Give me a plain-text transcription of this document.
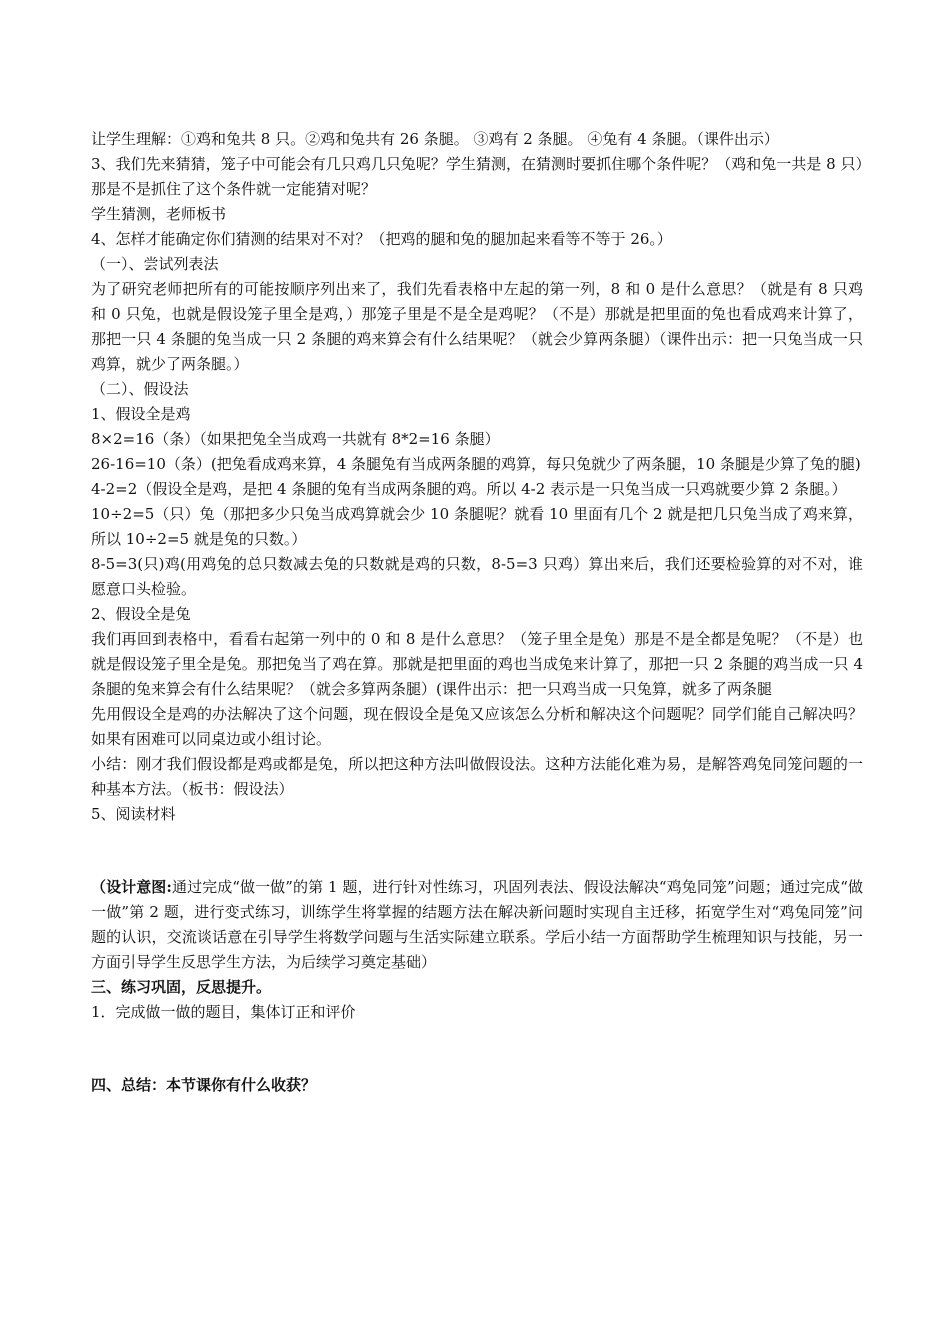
让学生理解：①鸡和兔共 8 只。②鸡和兔共有 26 条腿。 ③鸡有 2 条腿。 ④兔有 4 条腿。（课件出示）

3、我们先来猜猜，笼子中可能会有几只鸡几只兔呢？学生猜测，在猜测时要抓住哪个条件呢？（鸡和兔一共是 8 只）那是不是抓住了这个条件就一定能猜对呢？

学生猜测，老师板书

4、怎样才能确定你们猜测的结果对不对？（把鸡的腿和兔的腿加起来看等不等于 26。）

（一）、尝试列表法

为了研究老师把所有的可能按顺序列出来了，我们先看表格中左起的第一列，8 和 0 是什么意思？（就是有 8 只鸡和 0 只兔，也就是假设笼子里全是鸡，）那笼子里是不是全是鸡呢？（不是）那就是把里面的兔也看成鸡来计算了，那把一只 4 条腿的兔当成一只 2 条腿的鸡来算会有什么结果呢？（就会少算两条腿）（课件出示：把一只兔当成一只鸡算，就少了两条腿。）

（二）、假设法

1、假设全是鸡

8×2=16（条）（如果把兔全当成鸡一共就有 8*2=16 条腿）

26-16=10（条）(把兔看成鸡来算，4 条腿兔有当成两条腿的鸡算，每只兔就少了两条腿，10 条腿是少算了兔的腿)

4-2=2（假设全是鸡，是把 4 条腿的兔有当成两条腿的鸡。所以 4-2 表示是一只兔当成一只鸡就要少算 2 条腿。）

10÷2=5（只）兔（那把多少只兔当成鸡算就会少 10 条腿呢？就看 10 里面有几个 2 就是把几只兔当成了鸡来算，所以 10÷2=5 就是兔的只数。）

8-5=3(只)鸡(用鸡兔的总只数减去兔的只数就是鸡的只数，8-5=3 只鸡）算出来后，我们还要检验算的对不对，谁愿意口头检验。

2、假设全是兔

我们再回到表格中，看看右起第一列中的 0 和 8 是什么意思？（笼子里全是兔）那是不是全都是兔呢？（不是）也就是假设笼子里全是兔。那把兔当了鸡在算。那就是把里面的鸡也当成兔来计算了，那把一只 2 条腿的鸡当成一只 4 条腿的兔来算会有什么结果呢？（就会多算两条腿）(课件出示：把一只鸡当成一只兔算，就多了两条腿

先用假设全是鸡的办法解决了这个问题，现在假设全是兔又应该怎么分析和解决这个问题呢？同学们能自己解决吗？如果有困难可以同桌边或小组讨论。

小结：刚才我们假设都是鸡或都是兔，所以把这种方法叫做假设法。这种方法能化难为易，是解答鸡兔同笼问题的一种基本方法。（板书：假设法）

5、阅读材料

（设计意图:通过完成“做一做”的第 1 题，进行针对性练习，巩固列表法、假设法解决“鸡兔同笼”问题；通过完成“做一做”第 2 题，进行变式练习，训练学生将掌握的结题方法在解决新问题时实现自主迁移，拓宽学生对“鸡兔同笼”问题的认识，交流谈话意在引导学生将数学问题与生活实际建立联系。学后小结一方面帮助学生梳理知识与技能，另一方面引导学生反思学生方法，为后续学习奠定基础）

三、练习巩固，反思提升。

1．完成做一做的题目，集体订正和评价

四、总结：本节课你有什么收获？
